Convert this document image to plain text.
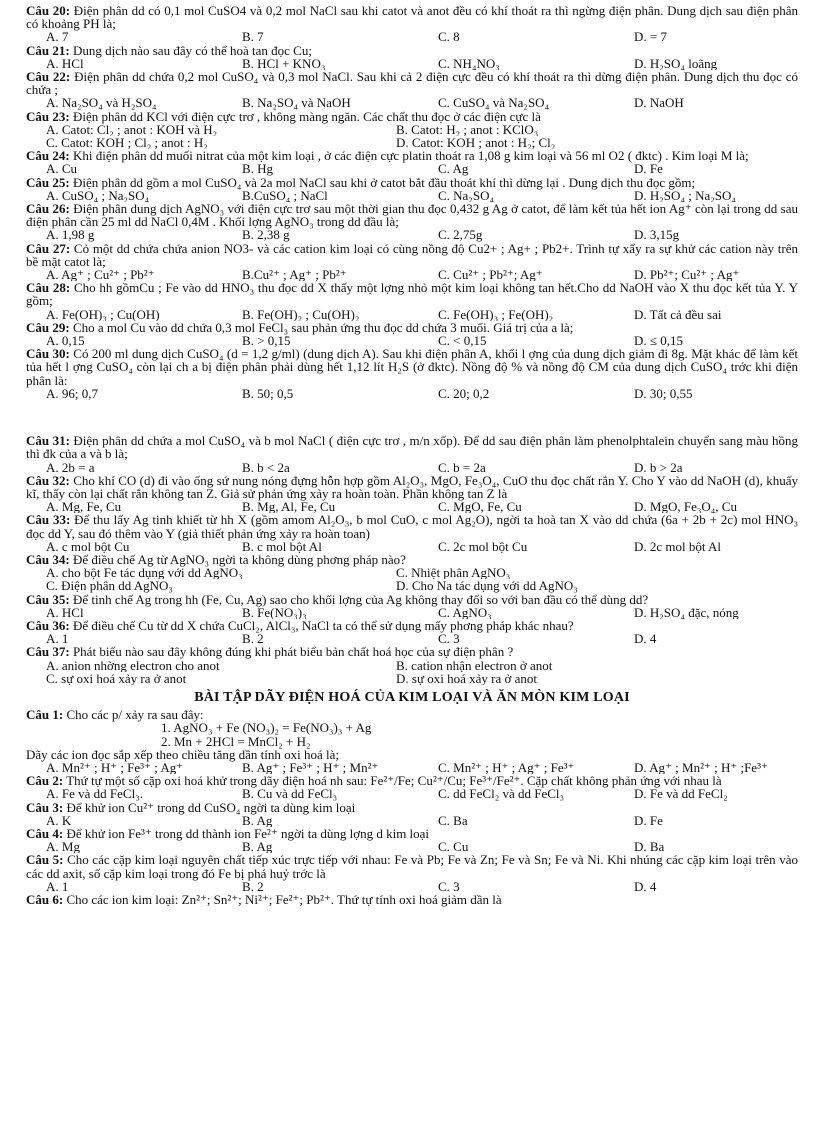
Câu 20: Điện phân dd có 0,1 mol CuSO4 và 0,2 mol NaCl sau khi catot và anot đều có khí thoát ra thì ngừng điện phân. Dung dịch sau điện phân có khoảng PH là;
A. 7	B. 7	C. 8	D. = 7
Câu 21: Dung dịch nào sau đây có thể hoà tan đọc Cu;
A. HCl	B. HCl + KNO₃	C. NH₄NO₃	D. H₂SO₄ loãng
Câu 22: Điện phân dd chứa 0,2 mol CuSO₄ và 0,3 mol NaCl. Sau khi cả 2 điện cực đều có khí thoát ra thì dừng điện phân. Dung dịch thu đọc có chứa ;
A. Na₂SO₄ và H₂SO₄	B. Na₂SO₄ và NaOH	C. CuSO₄ và Na₂SO₄	D. NaOH
Câu 23: Điện phân dd KCl với điện cực trơ , không màng ngăn. Các chất thu đọc ở các điện cực là
A. Catot: Cl₂ ; anot : KOH và H₂	B. Catot: H₂ ; anot : KClO₃
C. Catot: KOH ; Cl₂ ; anot : H₂	D. Catot: KOH ; anot : H₂; Cl₂
Câu 24: Khi điện phân dd muối nitrat của một kim loại , ở các điện cực platin thoát ra 1,08 g kim loại và 56 ml O2 ( đktc) . Kim loại M là;
A. Cu	B. Hg	C. Ag	D. Fe
Câu 25: Điện phân dd gồm a mol CuSO₄ và 2a mol NaCl sau khi ở catot bắt đầu thoát khí thì dừng lại . Dung dịch thu đọc gồm;
A. CuSO₄ ; Na₂SO₄	B.CuSO₄ ; NaCl	C. Na₂SO₄	D. H₂SO₄ ; Na₂SO₄
Câu 26: Điện phân dung dịch AgNO₃ với điện cực trơ sau một thời gian thu đọc 0,432 g Ag ở catot, để làm kết tủa hết ion Ag⁺ còn lại trong dd sau điện phân cần 25 ml dd NaCl 0,4M . Khối lợng AgNO₃ trong dd đầu là;
A. 1,98 g	B. 2,38 g	C. 2,75g	D. 3,15g
Câu 27: Cỏ một dd chứa chứa anion NO3- và các cation kim loại có cùng nồng độ Cu2+ ; Ag+ ; Pb2+. Trình tự xẩy ra sự khử các cation này trên bề mặt catot là;
A. Ag⁺ ; Cu²⁺ ; Pb²⁺	B.Cu²⁺ ; Ag⁺ ; Pb²⁺	C. Cu²⁺ ; Pb²⁺; Ag⁺	D. Pb²⁺; Cu²⁺ ; Ag⁺
Câu 28: Cho hh gồmCu ; Fe vào dd HNO₃ thu đọc dd X thấy một lợng nhỏ một kim loại không tan hết.Cho dd NaOH vào X thu đọc kết tủa Y. Y gồm;
A. Fe(OH)₃ ; Cu(OH)	B. Fe(OH)₂ ; Cu(OH)₂	C. Fe(OH)₃ ; Fe(OH)₂	D. Tất cả đều sai
Câu 29: Cho a mol Cu vào dd chứa 0,3 mol FeCl₃ sau phản ứng thu đọc dd chứa 3 muối. Giá trị của a là;
A. 0,15	B. > 0,15	C. < 0,15	D. ≤ 0,15
Câu 30: Có 200 ml dung dịch CuSO₄ (d = 1,2 g/ml) (dung dịch A). Sau khi điện phân A, khối l ợng của dung dịch giảm đi 8g. Mặt khác để làm kết tủa hết l ợng CuSO₄ còn lại ch a bị điện phân phải dùng hết 1,12 lít H₂S (ở đktc). Nồng độ % và nồng độ CM của dung dịch CuSO₄ trớc khi điện phân là:
A. 96; 0,7	B. 50; 0,5	C. 20; 0,2	D. 30; 0,55
Câu 31: Điện phân dd chứa a mol CuSO₄ và b mol NaCl ( điện cực trơ , m/n xốp). Để dd sau điện phân làm phenolphtalein chuyển sang màu hồng thì đk của a và b là;
A. 2b = a	B. b < 2a	C. b = 2a	D. b > 2a
Câu 32: Cho khí CO (d) đi vào ống sứ nung nóng đựng hỗn hợp gồm Al₂O₃, MgO, Fe₃O₄, CuO thu đọc chất rắn Y. Cho Y vào dd NaOH (d), khuấy kĩ, thấy còn lại chất rắn không tan Z. Giả sử phản ứng xảy ra hoàn toàn. Phần không tan Z là
A. Mg, Fe, Cu	B. Mg, Al, Fe, Cu	C. MgO, Fe, Cu	D. MgO, Fe₃O₄, Cu
Câu 33: Để thu lấy Ag tinh khiết từ hh X (gồm amom Al₂O₃, b mol CuO, c mol Ag₂O), ngời ta hoà tan X vào dd chứa (6a + 2b + 2c) mol HNO₃ đọc dd Y, sau đó thêm vào Y (giả thiết phản ứng xảy ra hoàn toan)
A. c mol bột Cu	B. c mol bột Al	C. 2c mol bột Cu	D. 2c mol bột Al
Câu 34: Để điều chế Ag từ AgNO₃ ngời ta không dùng phơng pháp nào?
A. cho bột Fe tác dụng với dd AgNO₃	C. Nhiệt phân AgNO₃
C. Điện phân dd AgNO₃	D. Cho Na tác dụng với dd AgNO₃
Câu 35: Để tinh chế Ag trong hh (Fe, Cu, Ag) sao cho khối lợng của Ag không thay đổi so với ban đầu có thể dùng dd?
A. HCl	B. Fe(NO₃)₃	C. AgNO₃	D. H₂SO₄ đặc, nóng
Câu 36: Để điều chế Cu từ dd X chứa CuCl₂, AlCl₃, NaCl ta có thể sử dụng mấy phơng pháp khác nhau?
A. 1	B. 2	C. 3	D. 4
Câu 37: Phát biểu nào sau đây không đúng khi phát biểu bản chất hoá học của sự điện phân ?
A. anion nhờng electron cho anot	B. cation nhận electron ở anot
C. sự oxi hoá xảy ra ở anot	D. sự oxi hoá xảy ra ở anot
BÀI TẬP DÃY ĐIỆN HOÁ CỦA KIM LOẠI VÀ ĂN MÒN KIM LOẠI
Câu 1: Cho các p/ xảy ra sau đây:
1. AgNO₃ + Fe (NO₃)₂ = Fe(NO₃)₃ + Ag
2. Mn + 2HCl = MnCl₂ + H₂
Dãy các ion đọc sắp xếp theo chiều tăng dần tính oxi hoá là;
A. Mn²⁺ ; H⁺ ; Fe³⁺ ; Ag⁺	B. Ag⁺ ; Fe³⁺ ; H⁺ ; Mn²⁺	C. Mn²⁺ ; H⁺ ; Ag⁺ ; Fe³⁺	D. Ag⁺ ; Mn²⁺ ; H⁺ ;Fe³⁺
Câu 2: Thứ tự một số cặp oxi hoá khử trong dãy điện hoá nh sau: Fe²⁺/Fe; Cu²⁺/Cu; Fe³⁺/Fe²⁺. Cặp chất không phản ứng với nhau là
A. Fe và dd FeCl₃.	B. Cu và dd FeCl₃	C. dd FeCl₂ và dd FeCl₃	D. Fe và dd FeCl₂
Câu 3: Để khử ion Cu²⁺ trong dd CuSO₄ ngời ta dùng kim loại
A. K	B. Ag	C. Ba	D. Fe
Câu 4: Để khử ion Fe³⁺ trong dd thành ion Fe²⁺ ngời ta dùng lợng d kim loại
A. Mg	B. Ag	C. Cu	D. Ba
Câu 5: Cho các cặp kim loại nguyên chất tiếp xúc trực tiếp với nhau: Fe và Pb; Fe và Zn; Fe và Sn; Fe và Ni. Khi nhúng các cặp kim loại trên vào các dd axit, số cặp kim loại trong đó Fe bị phá huỷ trớc là
A. 1	B. 2	C. 3	D. 4
Câu 6: Cho các ion kim loại: Zn²⁺; Sn²⁺; Ni²⁺; Fe²⁺; Pb²⁺. Thứ tự tính oxi hoá giảm dần là
